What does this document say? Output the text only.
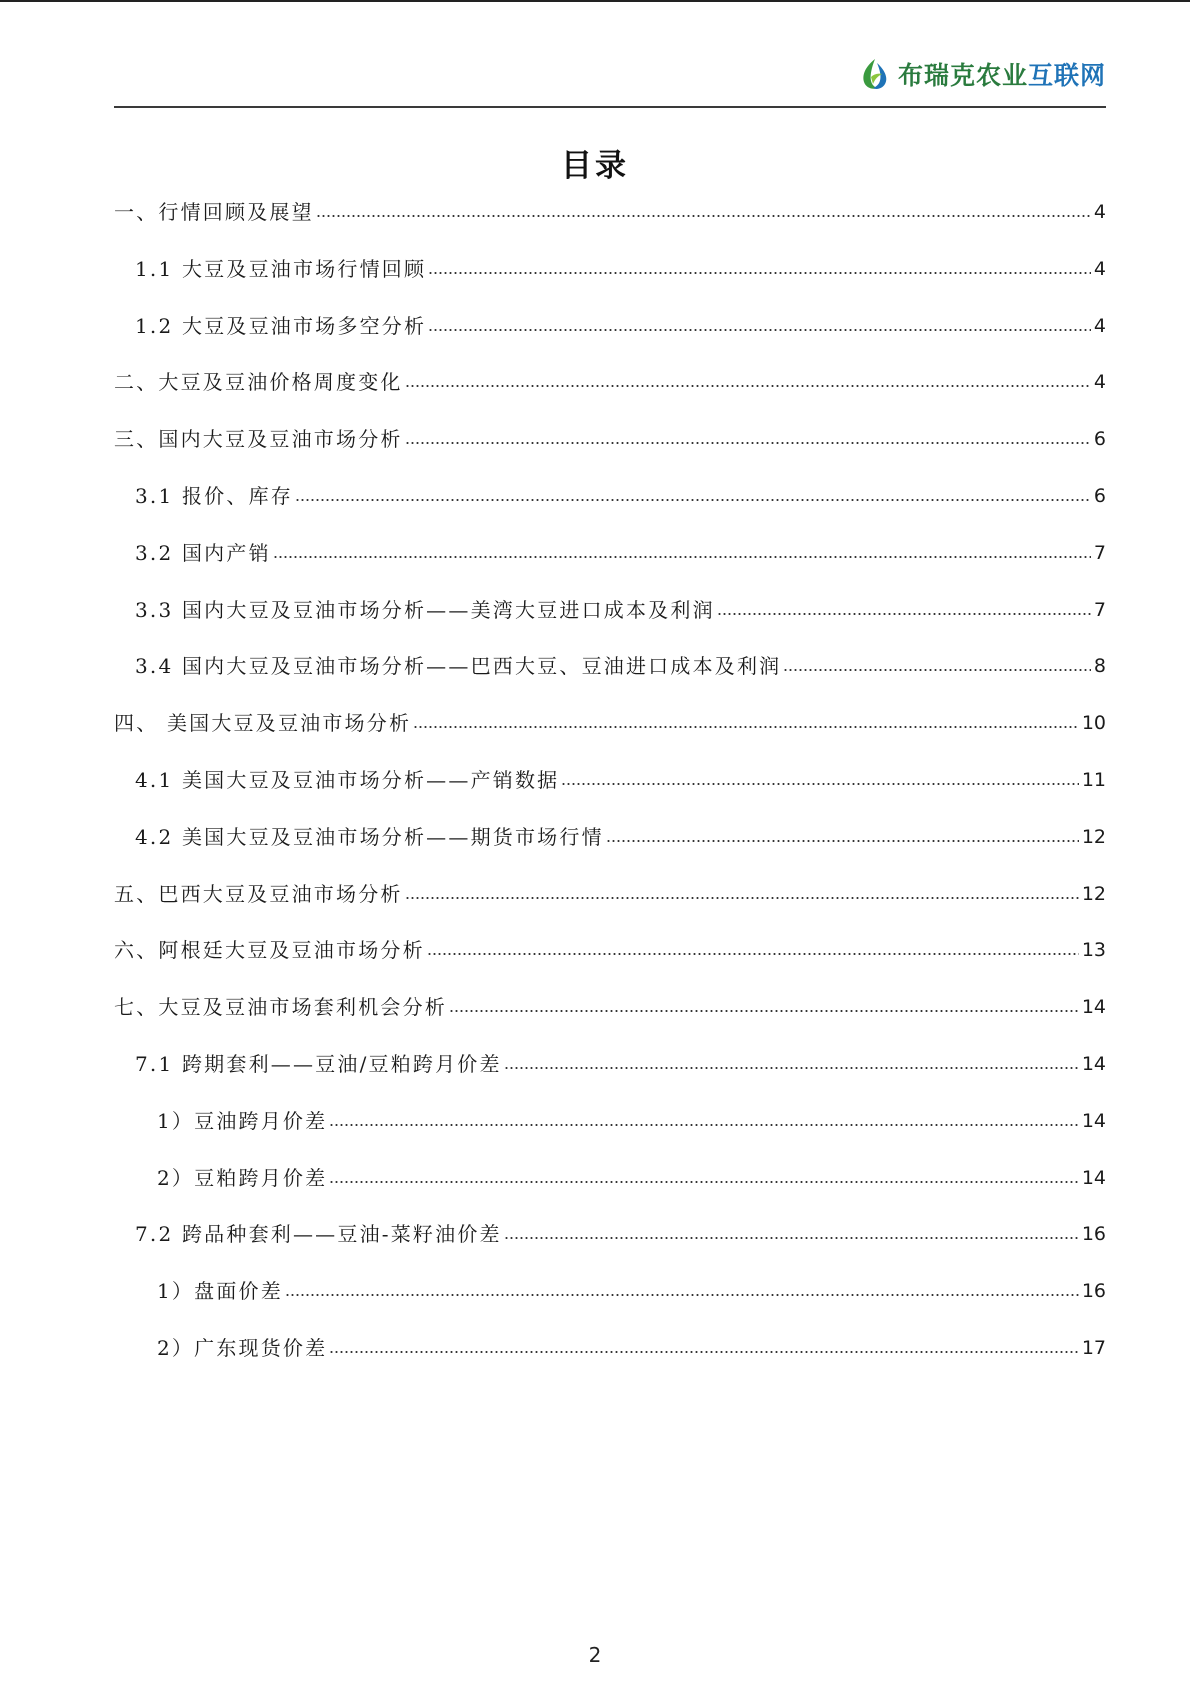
布瑞克农业互联网
目录
一、行情回顾及展望	4
1.1 大豆及豆油市场行情回顾	4
1.2 大豆及豆油市场多空分析	4
二、大豆及豆油价格周度变化	4
三、国内大豆及豆油市场分析	6
3.1 报价、库存	6
3.2 国内产销	7
3.3 国内大豆及豆油市场分析——美湾大豆进口成本及利润	7
3.4 国内大豆及豆油市场分析——巴西大豆、豆油进口成本及利润	8
四、 美国大豆及豆油市场分析	10
4.1 美国大豆及豆油市场分析——产销数据	11
4.2 美国大豆及豆油市场分析——期货市场行情	12
五、巴西大豆及豆油市场分析	12
六、阿根廷大豆及豆油市场分析	13
七、大豆及豆油市场套利机会分析	14
7.1 跨期套利——豆油/豆粕跨月价差	14
1）豆油跨月价差	14
2）豆粕跨月价差	14
7.2 跨品种套利——豆油-菜籽油价差	16
1）盘面价差	16
2）广东现货价差	17
2
